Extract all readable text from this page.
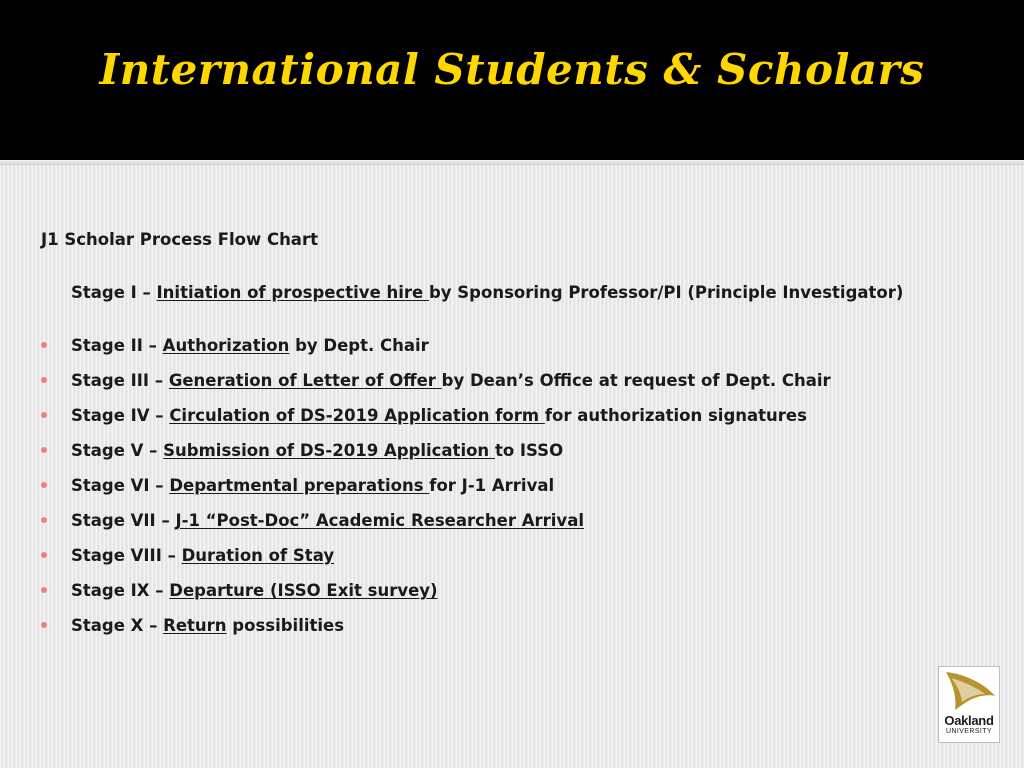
International Students & Scholars
J1 Scholar Process Flow Chart
Stage I – Initiation of prospective hire by Sponsoring Professor/PI (Principle Investigator)
Stage II – Authorization by Dept. Chair
Stage III – Generation of Letter of Offer by Dean’s Office at request of Dept. Chair
Stage IV – Circulation of DS-2019 Application form for authorization signatures
Stage V – Submission of DS-2019 Application to ISSO
Stage VI – Departmental preparations for J-1 Arrival
Stage VII – J-1 “Post-Doc” Academic Researcher Arrival
Stage VIII – Duration of Stay
Stage IX – Departure (ISSO Exit survey)
Stage X – Return possibilities
Oakland
UNIVERSITY
